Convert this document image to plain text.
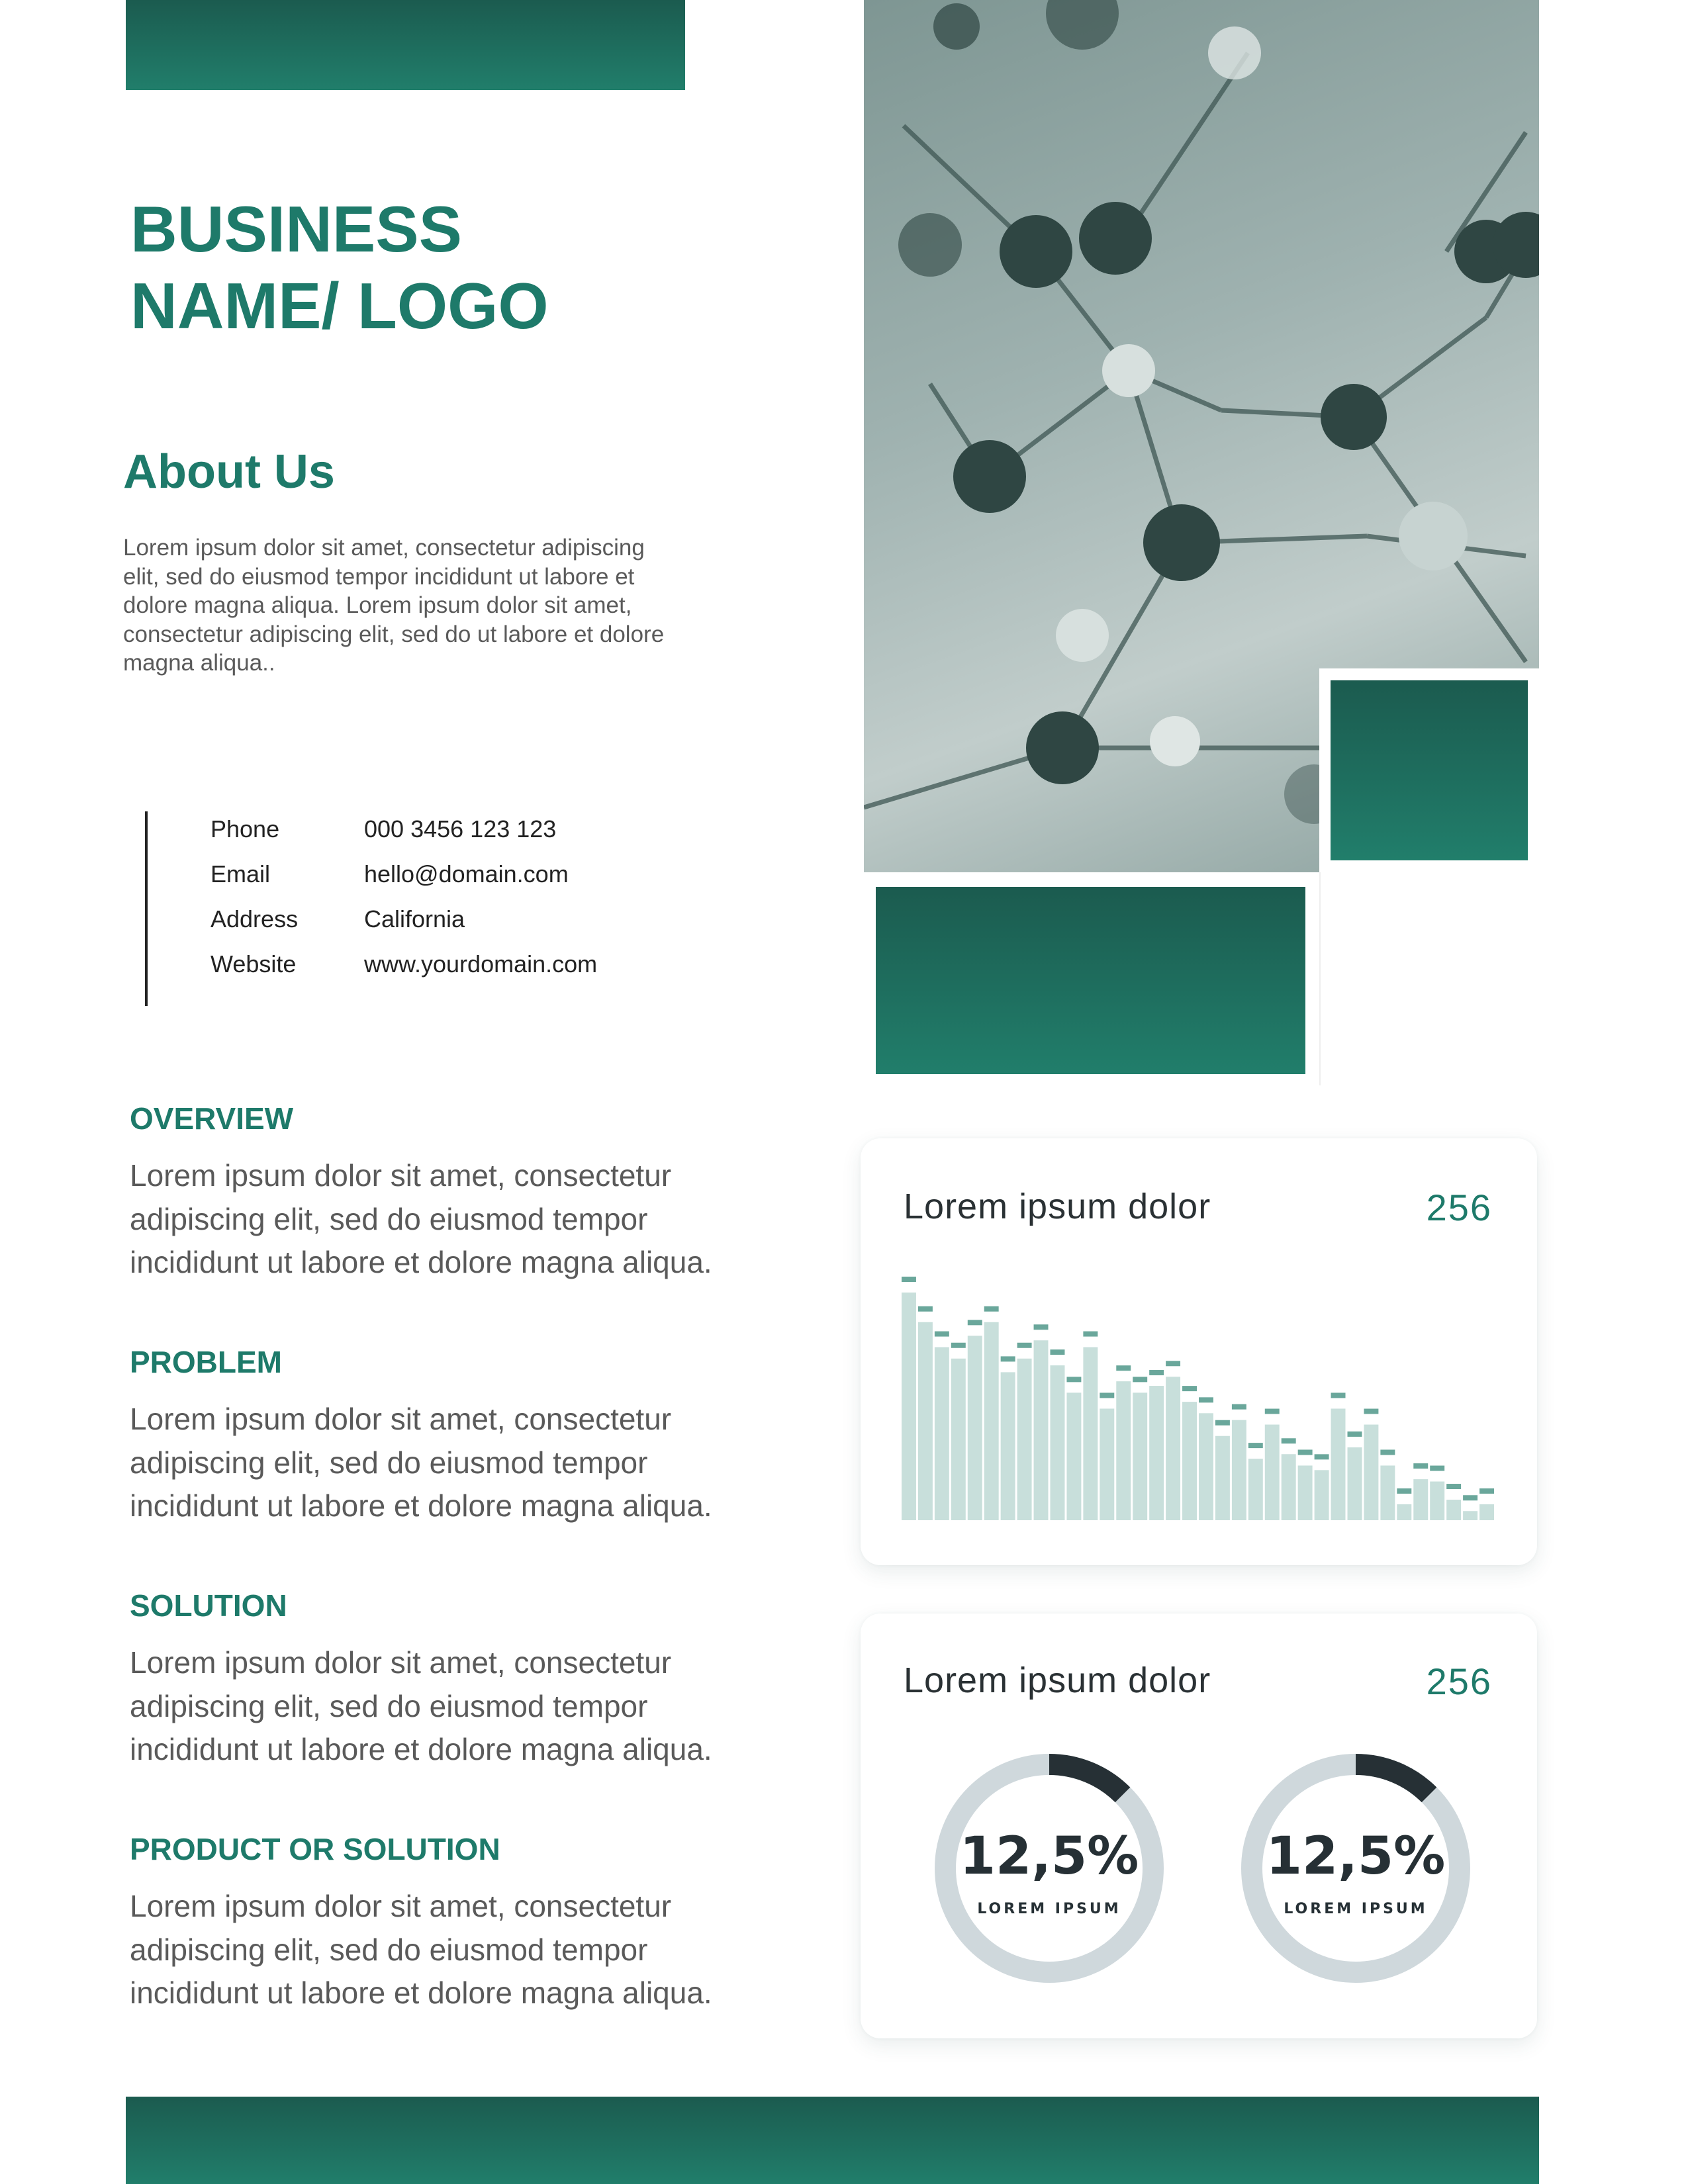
BUSINESS
NAME/ LOGO
About Us

Lorem ipsum dolor sit amet, consectetur adipiscing elit, sed do eiusmod tempor incididunt ut labore et dolore magna aliqua. Lorem ipsum dolor sit amet, consectetur adipiscing elit, sed do ut labore et dolore magna aliqua..

Phone	000 3456 123 123
Email	hello@domain.com
Address	California
Website	www.yourdomain.com
OVERVIEW

Lorem ipsum dolor sit amet, consectetur adipiscing elit, sed do eiusmod tempor incididunt ut labore et dolore magna aliqua.

PROBLEM

Lorem ipsum dolor sit amet, consectetur adipiscing elit, sed do eiusmod tempor incididunt ut labore et dolore magna aliqua.

SOLUTION

Lorem ipsum dolor sit amet, consectetur adipiscing elit, sed do eiusmod tempor incididunt ut labore et dolore magna aliqua.

PRODUCT OR SOLUTION

Lorem ipsum dolor sit amet, consectetur adipiscing elit, sed do eiusmod tempor incididunt ut labore et dolore magna aliqua.

Lorem ipsum dolor	256
Lorem ipsum dolor	256
12,5%
LOREM IPSUM
12,5%
LOREM IPSUM
